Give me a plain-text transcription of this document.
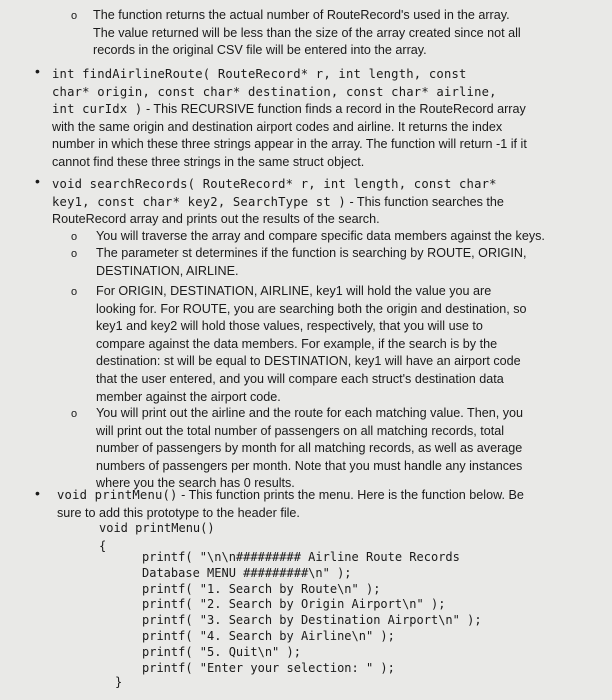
o The function returns the actual number of RouteRecord's used in the array.
The value returned will be less than the size of the array created since not all
records in the original CSV file will be entered into the array.
• int findAirlineRoute( RouteRecord* r, int length, const
char* origin, const char* destination, const char* airline,
int curIdx ) - This RECURSIVE function finds a record in the RouteRecord array
with the same origin and destination airport codes and airline. It returns the index
number in which these three strings appear in the array. The function will return -1 if it
cannot find these three strings in the same struct object.
• void searchRecords( RouteRecord* r, int length, const char*
key1, const char* key2, SearchType st ) - This function searches the
RouteRecord array and prints out the results of the search.
o You will traverse the array and compare specific data members against the keys.
o The parameter st determines if the function is searching by ROUTE, ORIGIN,
DESTINATION, AIRLINE.
o For ORIGIN, DESTINATION, AIRLINE, key1 will hold the value you are
looking for. For ROUTE, you are searching both the origin and destination, so
key1 and key2 will hold those values, respectively, that you will use to
compare against the data members. For example, if the search is by the
destination: st will be equal to DESTINATION, key1 will have an airport code
that the user entered, and you will compare each struct's destination data
member against the airport code.
o You will print out the airline and the route for each matching value. Then, you
will print out the total number of passengers on all matching records, total
number of passengers by month for all matching records, as well as average
numbers of passengers per month. Note that you must handle any instances
where you the search has 0 results.
• void printMenu() - This function prints the menu. Here is the function below. Be
sure to add this prototype to the header file.
void printMenu()
{
printf( "\n\n######### Airline Route Records
Database MENU #########\n" );
printf( "1. Search by Route\n" );
printf( "2. Search by Origin Airport\n" );
printf( "3. Search by Destination Airport\n" );
printf( "4. Search by Airline\n" );
printf( "5. Quit\n" );
printf( "Enter your selection: " );
}
